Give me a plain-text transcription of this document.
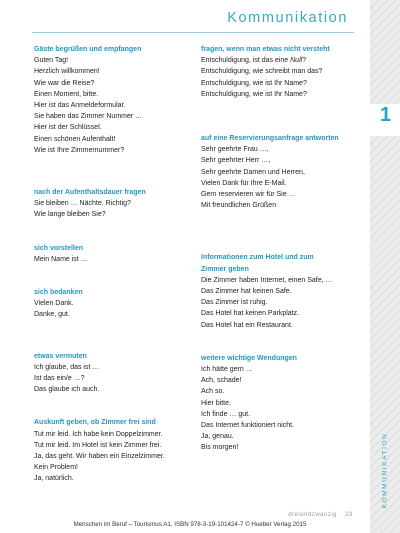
Kommunikation
1
KOMMUNIKATION

Gäste begrüßen und empfangen

Guten Tag!

Herzlich willkommen!

Wie war die Reise?

Einen Moment, bitte.

Hier ist das Anmeldeformular.

Sie haben das Zimmer Nummer …

Hier ist der Schlüssel.

Einen schönen Aufenthalt!

Wie ist Ihre Zimmernummer?

nach der Aufenthaltsdauer fragen

Sie bleiben … Nächte. Richtig?

Wie lange bleiben Sie?

sich vorstellen

Mein Name ist …

sich bedanken

Vielen Dank.

Danke, gut.

etwas vermuten

Ich glaube, das ist …

Ist das ein/e …?

Das glaube ich auch.

Auskunft geben, ob Zimmer frei sind

Tut mir leid. Ich habe kein Doppelzimmer.

Tut mir leid. Im Hotel ist kein Zimmer frei.

Ja, das geht. Wir haben ein Einzelzimmer.

Kein Problem!

Ja, natürlich.

fragen, wenn man etwas nicht versteht

Entschuldigung, ist das eine Null?

Entschuldigung, wie schreibt man das?

Entschuldigung, wie ist Ihr Name?

Entschuldigung, wie ist Ihr Name?

auf eine Reservierungsanfrage antworten

Sehr geehrte Frau …,

Sehr geehrter Herr …,

Sehr geehrte Damen und Herren,

Vielen Dank für Ihre E-Mail.

Gern reservieren wir für Sie …

Mit freundlichen Grüßen

Informationen zum Hotel und zum Zimmer geben

Die Zimmer haben Internet, einen Safe, …

Das Zimmer hat keinen Safe.

Das Zimmer ist ruhig.

Das Hotel hat keinen Parkplatz.

Das Hotel hat ein Restaurant.

weitere wichtige Wendungen

Ich hätte gern …

Ach, schade!

Ach so.

Hier bitte.

Ich finde … gut.

Das Internet funktioniert nicht.

Ja, genau.

Bis morgen!

dreiundzwanzig 23
Menschen im Beruf – Tourismus A1, ISBN 978-3-19-101424-7 © Hueber Verlag 2015
